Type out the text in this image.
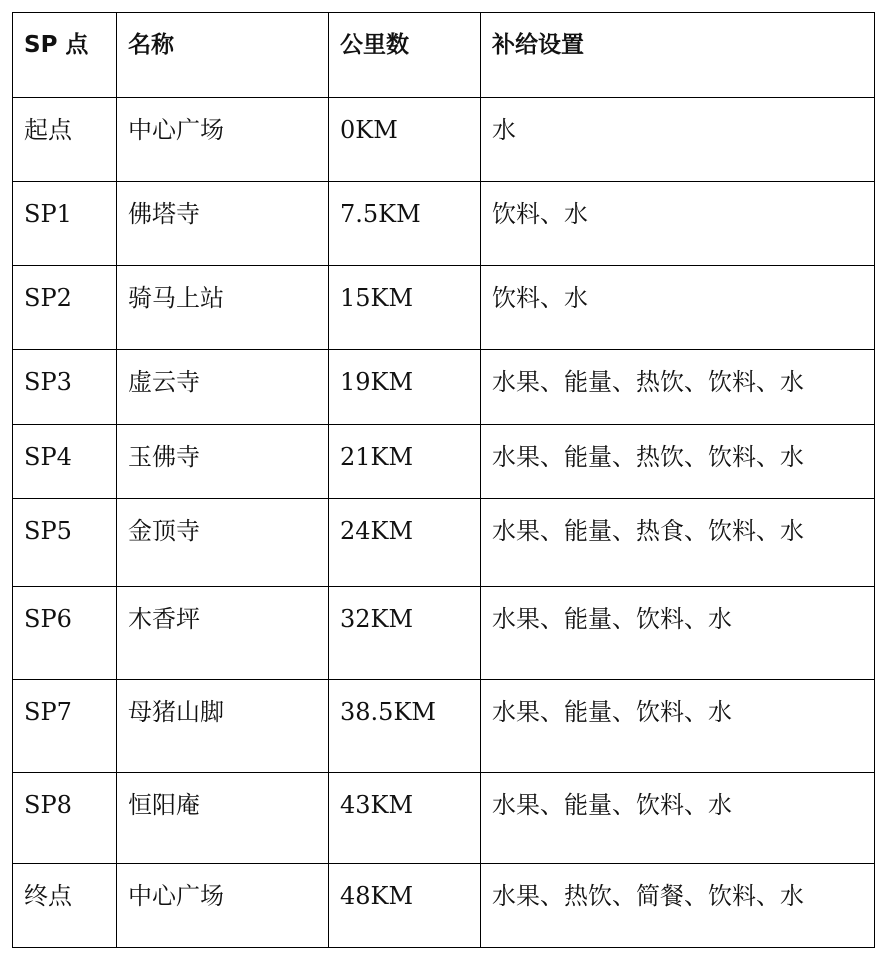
SP 点	名称	公里数	补给设置

起点	中心广场	0KM	水

SP1	佛塔寺	7.5KM	饮料、水

SP2	骑马上站	15KM	饮料、水

SP3	虚云寺	19KM	水果、能量、热饮、饮料、水

SP4	玉佛寺	21KM	水果、能量、热饮、饮料、水

SP5	金顶寺	24KM	水果、能量、热食、饮料、水

SP6	木香坪	32KM	水果、能量、饮料、水

SP7	母猪山脚	38.5KM	水果、能量、饮料、水

SP8	恒阳庵	43KM	水果、能量、饮料、水

终点	中心广场	48KM	水果、热饮、简餐、饮料、水
